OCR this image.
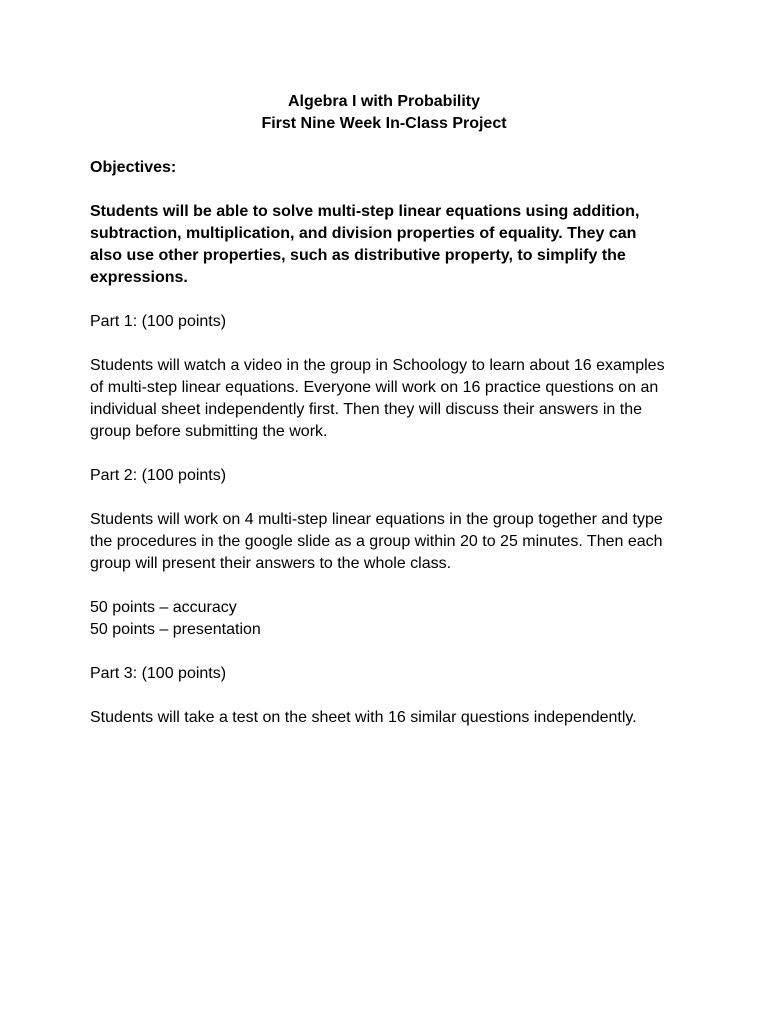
Algebra I with Probability
First Nine Week In-Class Project
Objectives:
Students will be able to solve multi-step linear equations using addition,
subtraction, multiplication, and division properties of equality. They can
also use other properties, such as distributive property, to simplify the
expressions.
Part 1: (100 points)
Students will watch a video in the group in Schoology to learn about 16 examples
of multi-step linear equations. Everyone will work on 16 practice questions on an
individual sheet independently first. Then they will discuss their answers in the
group before submitting the work.
Part 2: (100 points)
Students will work on 4 multi-step linear equations in the group together and type
the procedures in the google slide as a group within 20 to 25 minutes. Then each
group will present their answers to the whole class.
50 points – accuracy
50 points – presentation
Part 3: (100 points)
Students will take a test on the sheet with 16 similar questions independently.
